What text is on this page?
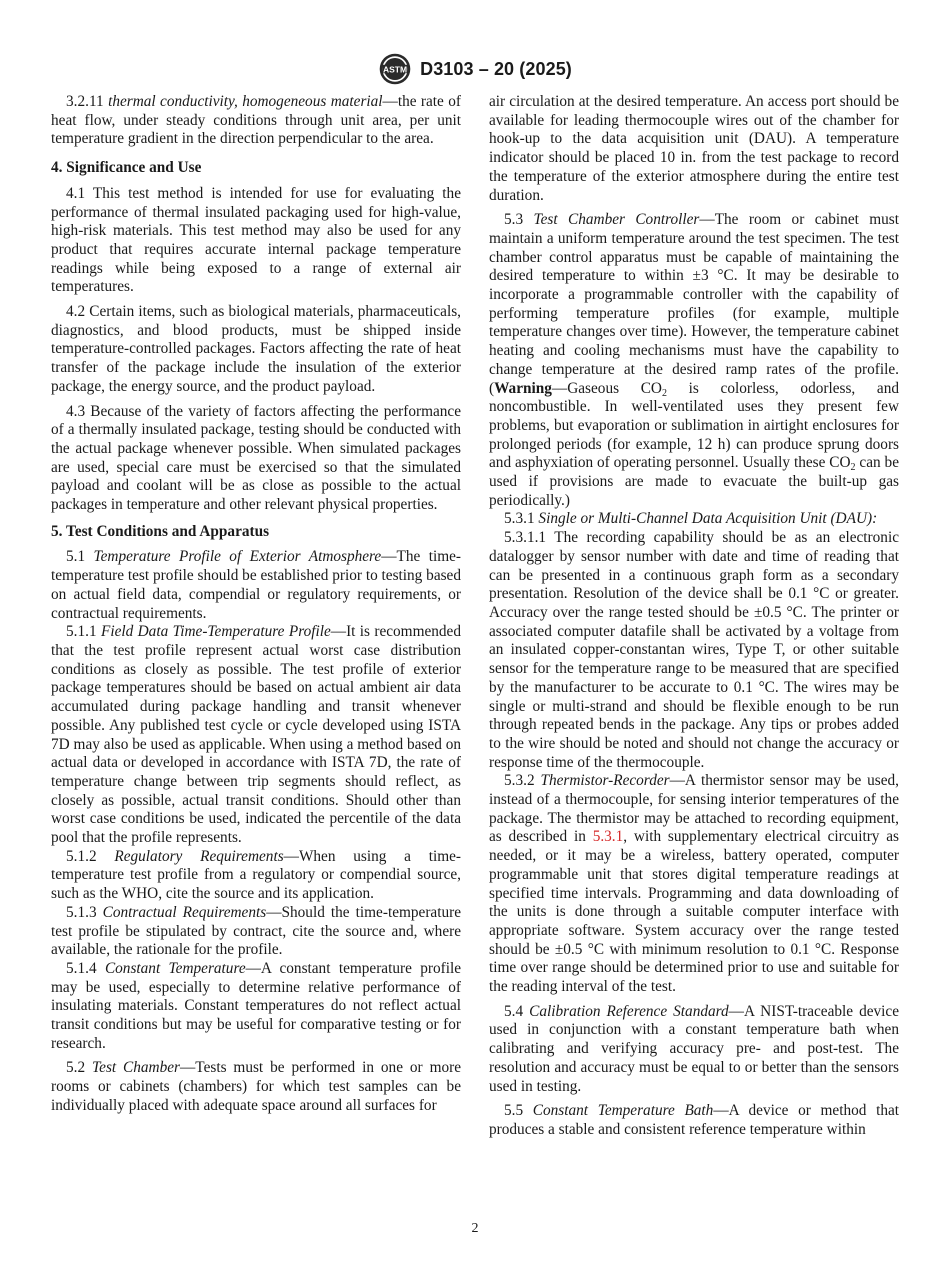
ASTM D3103 – 20 (2025)

3.2.11 thermal conductivity, homogeneous material—the rate of heat flow, under steady conditions through unit area, per unit temperature gradient in the direction perpendicular to the area.

4. Significance and Use

4.1 This test method is intended for use for evaluating the performance of thermal insulated packaging used for high-value, high-risk materials. This test method may also be used for any product that requires accurate internal package temperature readings while being exposed to a range of external air temperatures.

4.2 Certain items, such as biological materials, pharmaceuticals, diagnostics, and blood products, must be shipped inside temperature-controlled packages. Factors affecting the rate of heat transfer of the package include the insulation of the exterior package, the energy source, and the product payload.

4.3 Because of the variety of factors affecting the performance of a thermally insulated package, testing should be conducted with the actual package whenever possible. When simulated packages are used, special care must be exercised so that the simulated payload and coolant will be as close as possible to the actual packages in temperature and other relevant physical properties.

5. Test Conditions and Apparatus

5.1 Temperature Profile of Exterior Atmosphere—The time-temperature test profile should be established prior to testing based on actual field data, compendial or regulatory requirements, or contractual requirements.

5.1.1 Field Data Time-Temperature Profile—It is recommended that the test profile represent actual worst case distribution conditions as closely as possible. The test profile of exterior package temperatures should be based on actual ambient air data accumulated during package handling and transit whenever possible. Any published test cycle or cycle developed using ISTA 7D may also be used as applicable. When using a method based on actual data or developed in accordance with ISTA 7D, the rate of temperature change between trip segments should reflect, as closely as possible, actual transit conditions. Should other than worst case conditions be used, indicated the percentile of the data pool that the profile represents.

5.1.2 Regulatory Requirements—When using a time-temperature test profile from a regulatory or compendial source, such as the WHO, cite the source and its application.

5.1.3 Contractual Requirements—Should the time-temperature test profile be stipulated by contract, cite the source and, where available, the rationale for the profile.

5.1.4 Constant Temperature—A constant temperature profile may be used, especially to determine relative performance of insulating materials. Constant temperatures do not reflect actual transit conditions but may be useful for comparative testing or for research.

5.2 Test Chamber—Tests must be performed in one or more rooms or cabinets (chambers) for which test samples can be individually placed with adequate space around all surfaces for

air circulation at the desired temperature. An access port should be available for leading thermocouple wires out of the chamber for hook-up to the data acquisition unit (DAU). A temperature indicator should be placed 10 in. from the test package to record the temperature of the exterior atmosphere during the entire test duration.

5.3 Test Chamber Controller—The room or cabinet must maintain a uniform temperature around the test specimen. The test chamber control apparatus must be capable of maintaining the desired temperature to within ±3 °C. It may be desirable to incorporate a programmable controller with the capability of performing temperature profiles (for example, multiple temperature changes over time). However, the temperature cabinet heating and cooling mechanisms must have the capability to change temperature at the desired ramp rates of the profile. (Warning—Gaseous $CO_2$ is colorless, odorless, and noncombustible. In well-ventilated uses they present few problems, but evaporation or sublimation in airtight enclosures for prolonged periods (for example, 12 h) can produce sprung doors and asphyxiation of operating personnel. Usually these $CO_2$ can be used if provisions are made to evacuate the built-up gas periodically.)

5.3.1 Single or Multi-Channel Data Acquisition Unit (DAU):

5.3.1.1 The recording capability should be as an electronic datalogger by sensor number with date and time of reading that can be presented in a continuous graph form as a secondary presentation. Resolution of the device shall be 0.1 °C or greater. Accuracy over the range tested should be ±0.5 °C. The printer or associated computer datafile shall be activated by a voltage from an insulated copper-constantan wires, Type T, or other suitable sensor for the temperature range to be measured that are specified by the manufacturer to be accurate to 0.1 °C. The wires may be single or multi-strand and should be flexible enough to be run through repeated bends in the package. Any tips or probes added to the wire should be noted and should not change the accuracy or response time of the thermocouple.

5.3.2 Thermistor-Recorder—A thermistor sensor may be used, instead of a thermocouple, for sensing interior temperatures of the package. The thermistor may be attached to recording equipment, as described in 5.3.1, with supplementary electrical circuitry as needed, or it may be a wireless, battery operated, computer programmable unit that stores digital temperature readings at specified time intervals. Programming and data downloading of the units is done through a suitable computer interface with appropriate software. System accuracy over the range tested should be ±0.5 °C with minimum resolution to 0.1 °C. Response time over range should be determined prior to use and suitable for the reading interval of the test.

5.4 Calibration Reference Standard—A NIST-traceable device used in conjunction with a constant temperature bath when calibrating and verifying accuracy pre- and post-test. The resolution and accuracy must be equal to or better than the sensors used in testing.

5.5 Constant Temperature Bath—A device or method that produces a stable and consistent reference temperature within

2
